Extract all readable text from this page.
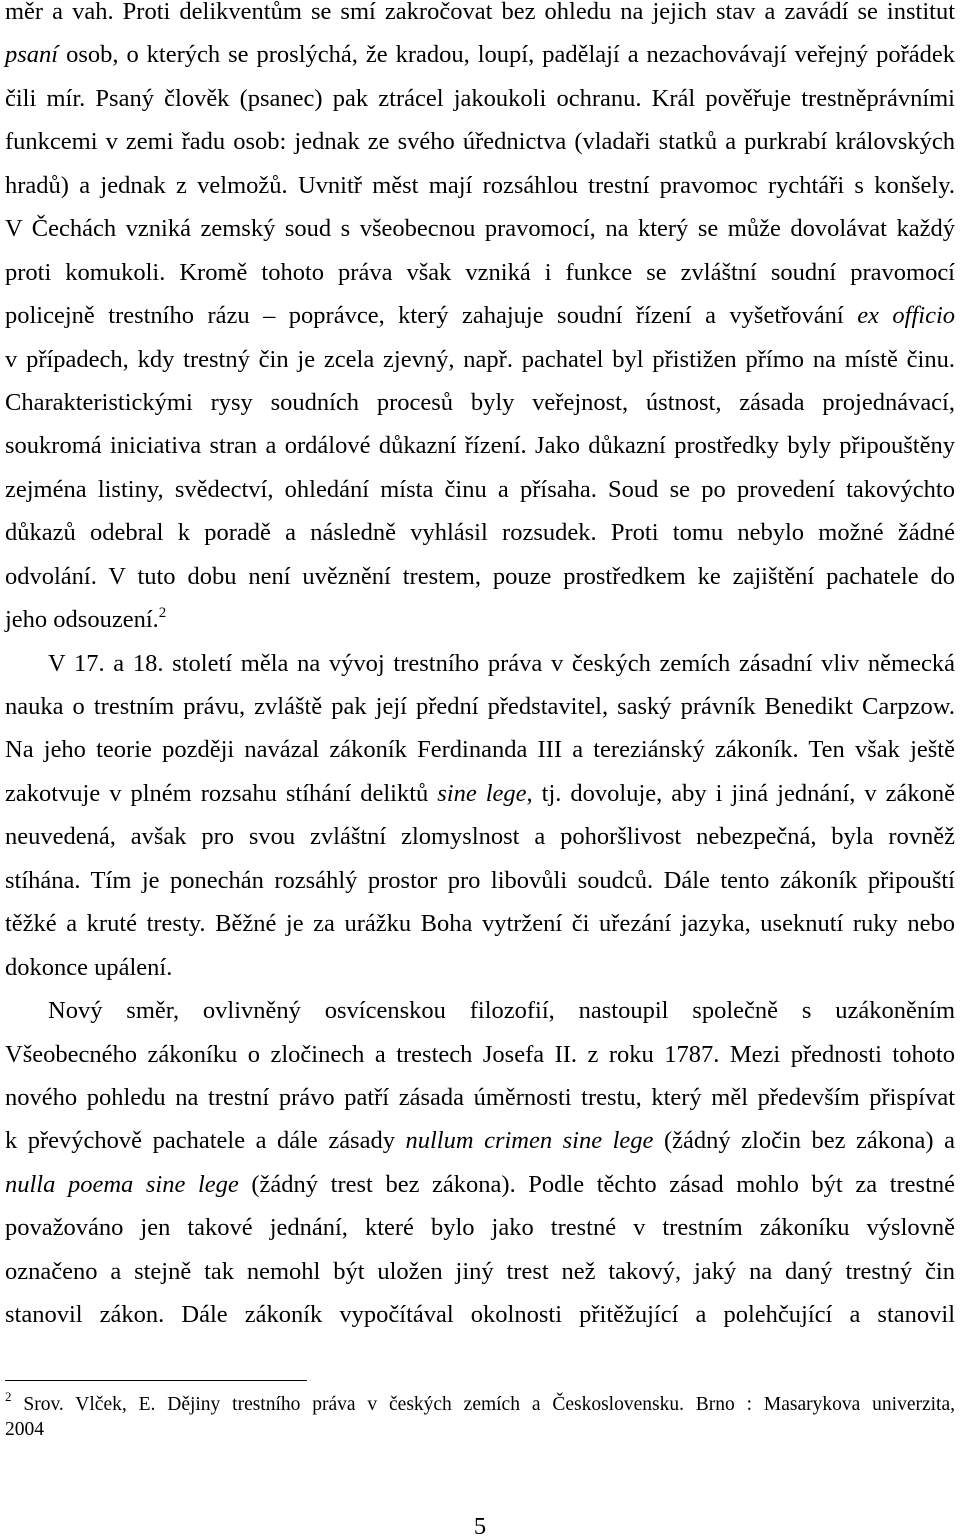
měr a vah. Proti delikventům se smí zakročovat bez ohledu na jejich stav a zavádí se institut
psaní osob, o kterých se proslýchá, že kradou, loupí, padělají a nezachovávají veřejný pořádek
čili mír. Psaný člověk (psanec) pak ztrácel jakoukoli ochranu. Král pověřuje trestněprávními
funkcemi v zemi řadu osob: jednak ze svého úřednictva (vladaři statků a purkrabí královských
hradů) a jednak z velmožů. Uvnitř měst mají rozsáhlou trestní pravomoc rychtáři s konšely.
V Čechách vzniká zemský soud s všeobecnou pravomocí, na který se může dovolávat každý
proti komukoli. Kromě tohoto práva však vzniká i funkce se zvláštní soudní pravomocí
policejně trestního rázu – poprávce, který zahajuje soudní řízení a vyšetřování ex officio
v případech, kdy trestný čin je zcela zjevný, např. pachatel byl přistižen přímo na místě činu.
Charakteristickými rysy soudních procesů byly veřejnost, ústnost, zásada projednávací,
soukromá iniciativa stran a ordálové důkazní řízení. Jako důkazní prostředky byly připouštěny
zejména listiny, svědectví, ohledání místa činu a přísaha. Soud se po provedení takovýchto
důkazů odebral k poradě a následně vyhlásil rozsudek. Proti tomu nebylo možné žádné
odvolání. V tuto dobu není uvěznění trestem, pouze prostředkem ke zajištění pachatele do
jeho odsouzení.$^2$
V 17. a 18. století měla na vývoj trestního práva v českých zemích zásadní vliv německá
nauka o trestním právu, zvláště pak její přední představitel, saský právník Benedikt Carpzow.
Na jeho teorie později navázal zákoník Ferdinanda III a tereziánský zákoník. Ten však ještě
zakotvuje v plném rozsahu stíhání deliktů sine lege, tj. dovoluje, aby i jiná jednání, v zákoně
neuvedená, avšak pro svou zvláštní zlomyslnost a pohoršlivost nebezpečná, byla rovněž
stíhána. Tím je ponechán rozsáhlý prostor pro libovůli soudců. Dále tento zákoník připouští
těžké a kruté tresty. Běžné je za urážku Boha vytržení či uřezání jazyka, useknutí ruky nebo
dokonce upálení.
Nový směr, ovlivněný osvícenskou filozofií, nastoupil společně s uzákoněním
Všeobecného zákoníku o zločinech a trestech Josefa II. z roku 1787. Mezi přednosti tohoto
nového pohledu na trestní právo patří zásada úměrnosti trestu, který měl především přispívat
k převýchově pachatele a dále zásady nullum crimen sine lege (žádný zločin bez zákona) a
nulla poema sine lege (žádný trest bez zákona). Podle těchto zásad mohlo být za trestné
považováno jen takové jednání, které bylo jako trestné v trestním zákoníku výslovně
označeno a stejně tak nemohl být uložen jiný trest než takový, jaký na daný trestný čin
stanovil zákon. Dále zákoník vypočítával okolnosti přitěžující a polehčující a stanovil
$^2$ Srov. Vlček, E. Dějiny trestního práva v českých zemích a Československu. Brno : Masarykova univerzita,
2004
5
